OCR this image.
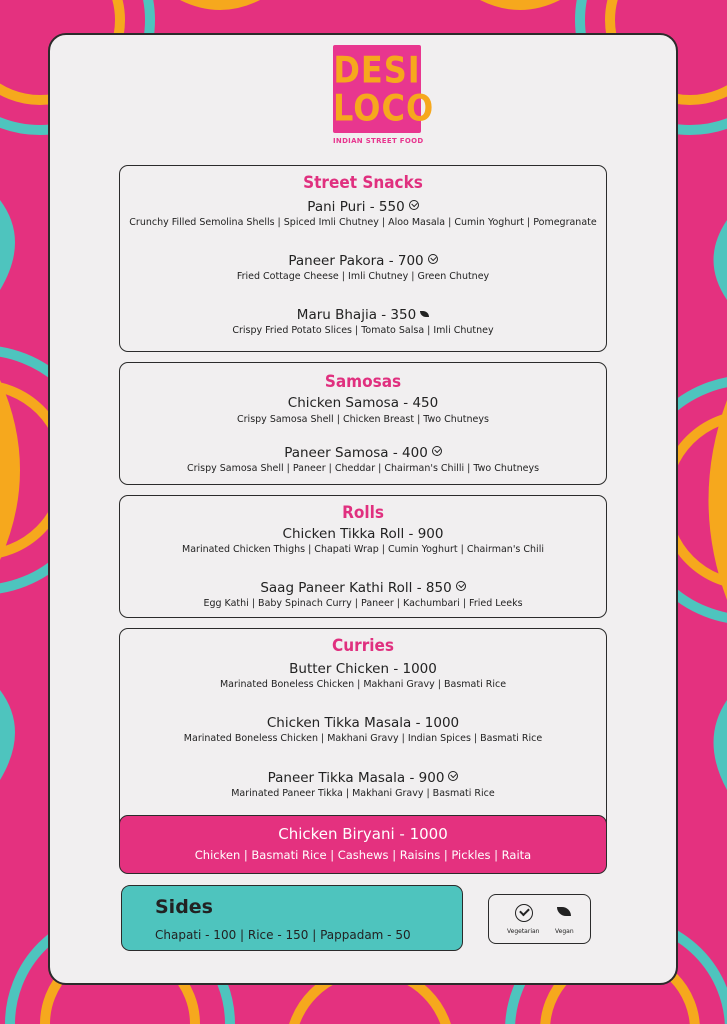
DESI
LOCO
INDIAN STREET FOOD
Street Snacks
Pani Puri - 550
Crunchy Filled Semolina Shells | Spiced Imli Chutney | Aloo Masala | Cumin Yoghurt | Pomegranate
Paneer Pakora - 700
Fried Cottage Cheese | Imli Chutney | Green Chutney
Maru Bhajia - 350
Crispy Fried Potato Slices | Tomato Salsa | Imli Chutney
Samosas
Chicken Samosa - 450
Crispy Samosa Shell | Chicken Breast | Two Chutneys
Paneer Samosa - 400
Crispy Samosa Shell | Paneer | Cheddar | Chairman's Chilli | Two Chutneys
Rolls
Chicken Tikka Roll - 900
Marinated Chicken Thighs | Chapati Wrap | Cumin Yoghurt | Chairman's Chili
Saag Paneer Kathi Roll - 850
Egg Kathi | Baby Spinach Curry | Paneer | Kachumbari | Fried Leeks
Curries
Butter Chicken - 1000
Marinated Boneless Chicken | Makhani Gravy | Basmati Rice
Chicken Tikka Masala - 1000
Marinated Boneless Chicken | Makhani Gravy | Indian Spices | Basmati Rice
Paneer Tikka Masala - 900
Marinated Paneer Tikka | Makhani Gravy | Basmati Rice
Chicken Biryani - 1000
Chicken | Basmati Rice | Cashews | Raisins | Pickles | Raita
Sides
Chapati - 100 | Rice - 150 | Pappadam - 50	Vegetarian	Vegan
